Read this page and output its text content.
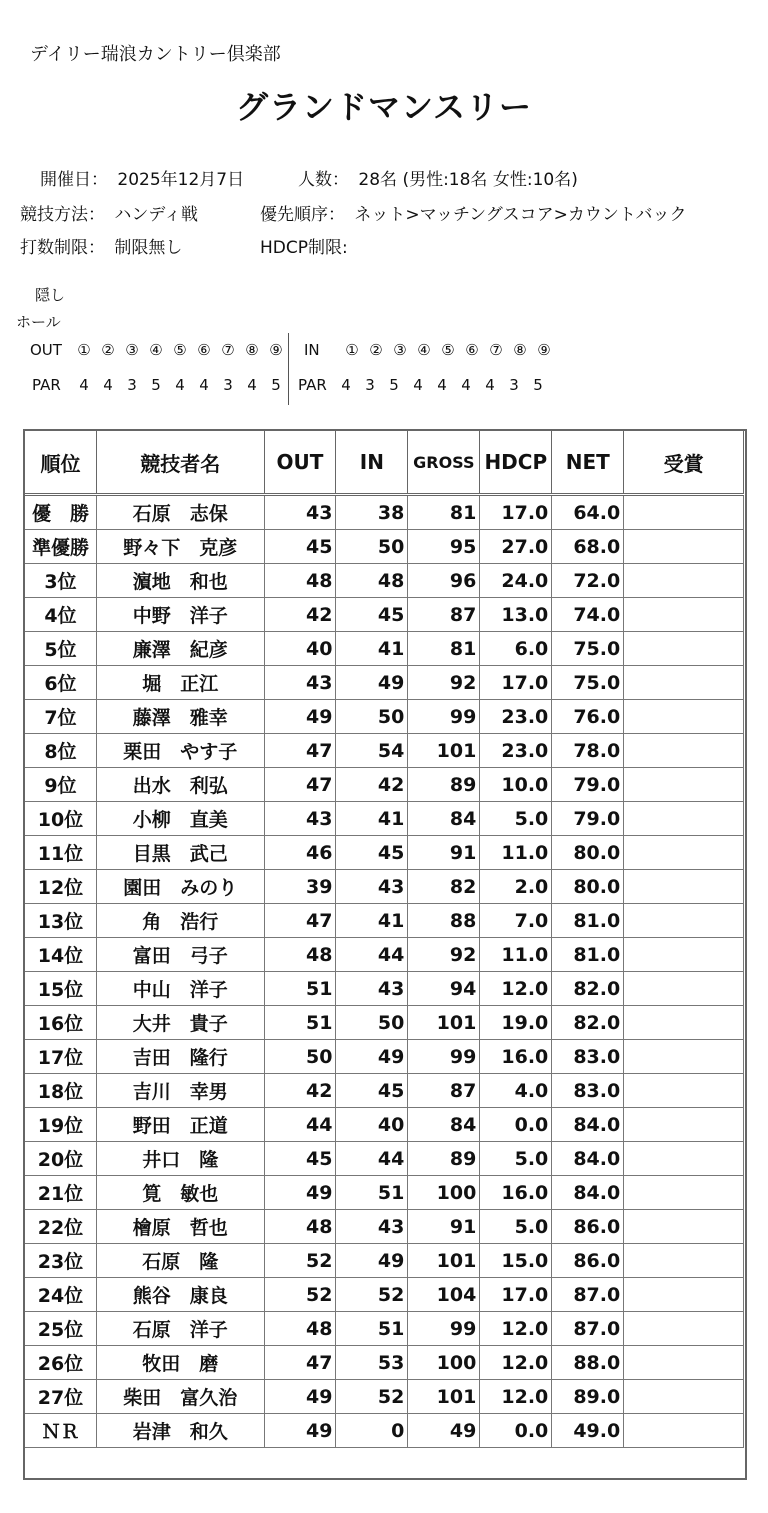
デイリー瑞浪カントリー倶楽部
グランドマンスリー
開催日： 2025年12月7日	人数： 28名 (男性:18名 女性:10名)
競技方法： ハンディ戦	優先順序： ネット>マッチングスコア>カウントバック
打数制限： 制限無し	HDCP制限:
隠し
ホール
OUT ① ② ③ ④ ⑤ ⑥ ⑦ ⑧ ⑨ IN ① ② ③ ④ ⑤ ⑥ ⑦ ⑧ ⑨
PAR 4 4 3 5 4 4 3 4 5 PAR 4 3 5 4 4 4 4 3 5
順位	競技者名	OUT	IN	GROSS	HDCP	NET	受賞
優　勝	石原　志保	43	38	81	17.0	64.0	
準優勝	野々下　克彦	45	50	95	27.0	68.0	
3位	濵地　和也	48	48	96	24.0	72.0	
4位	中野　洋子	42	45	87	13.0	74.0	
5位	廉澤　紀彦	40	41	81	6.0	75.0	
6位	堀　正江	43	49	92	17.0	75.0	
7位	藤澤　雅幸	49	50	99	23.0	76.0	
8位	栗田　やす子	47	54	101	23.0	78.0	
9位	出水　利弘	47	42	89	10.0	79.0	
10位	小柳　直美	43	41	84	5.0	79.0	
11位	目黒　武己	46	45	91	11.0	80.0	
12位	園田　みのり	39	43	82	2.0	80.0	
13位	角　浩行	47	41	88	7.0	81.0	
14位	富田　弓子	48	44	92	11.0	81.0	
15位	中山　洋子	51	43	94	12.0	82.0	
16位	大井　貴子	51	50	101	19.0	82.0	
17位	吉田　隆行	50	49	99	16.0	83.0	
18位	吉川　幸男	42	45	87	4.0	83.0	
19位	野田　正道	44	40	84	0.0	84.0	
20位	井口　隆	45	44	89	5.0	84.0	
21位	筧　敏也	49	51	100	16.0	84.0	
22位	檜原　哲也	48	43	91	5.0	86.0	
23位	石原　隆	52	49	101	15.0	86.0	
24位	熊谷　康良	52	52	104	17.0	87.0	
25位	石原　洋子	48	51	99	12.0	87.0	
26位	牧田　磨	47	53	100	12.0	88.0	
27位	柴田　富久治	49	52	101	12.0	89.0	
ＮＲ	岩津　和久	49	0	49	0.0	49.0	
